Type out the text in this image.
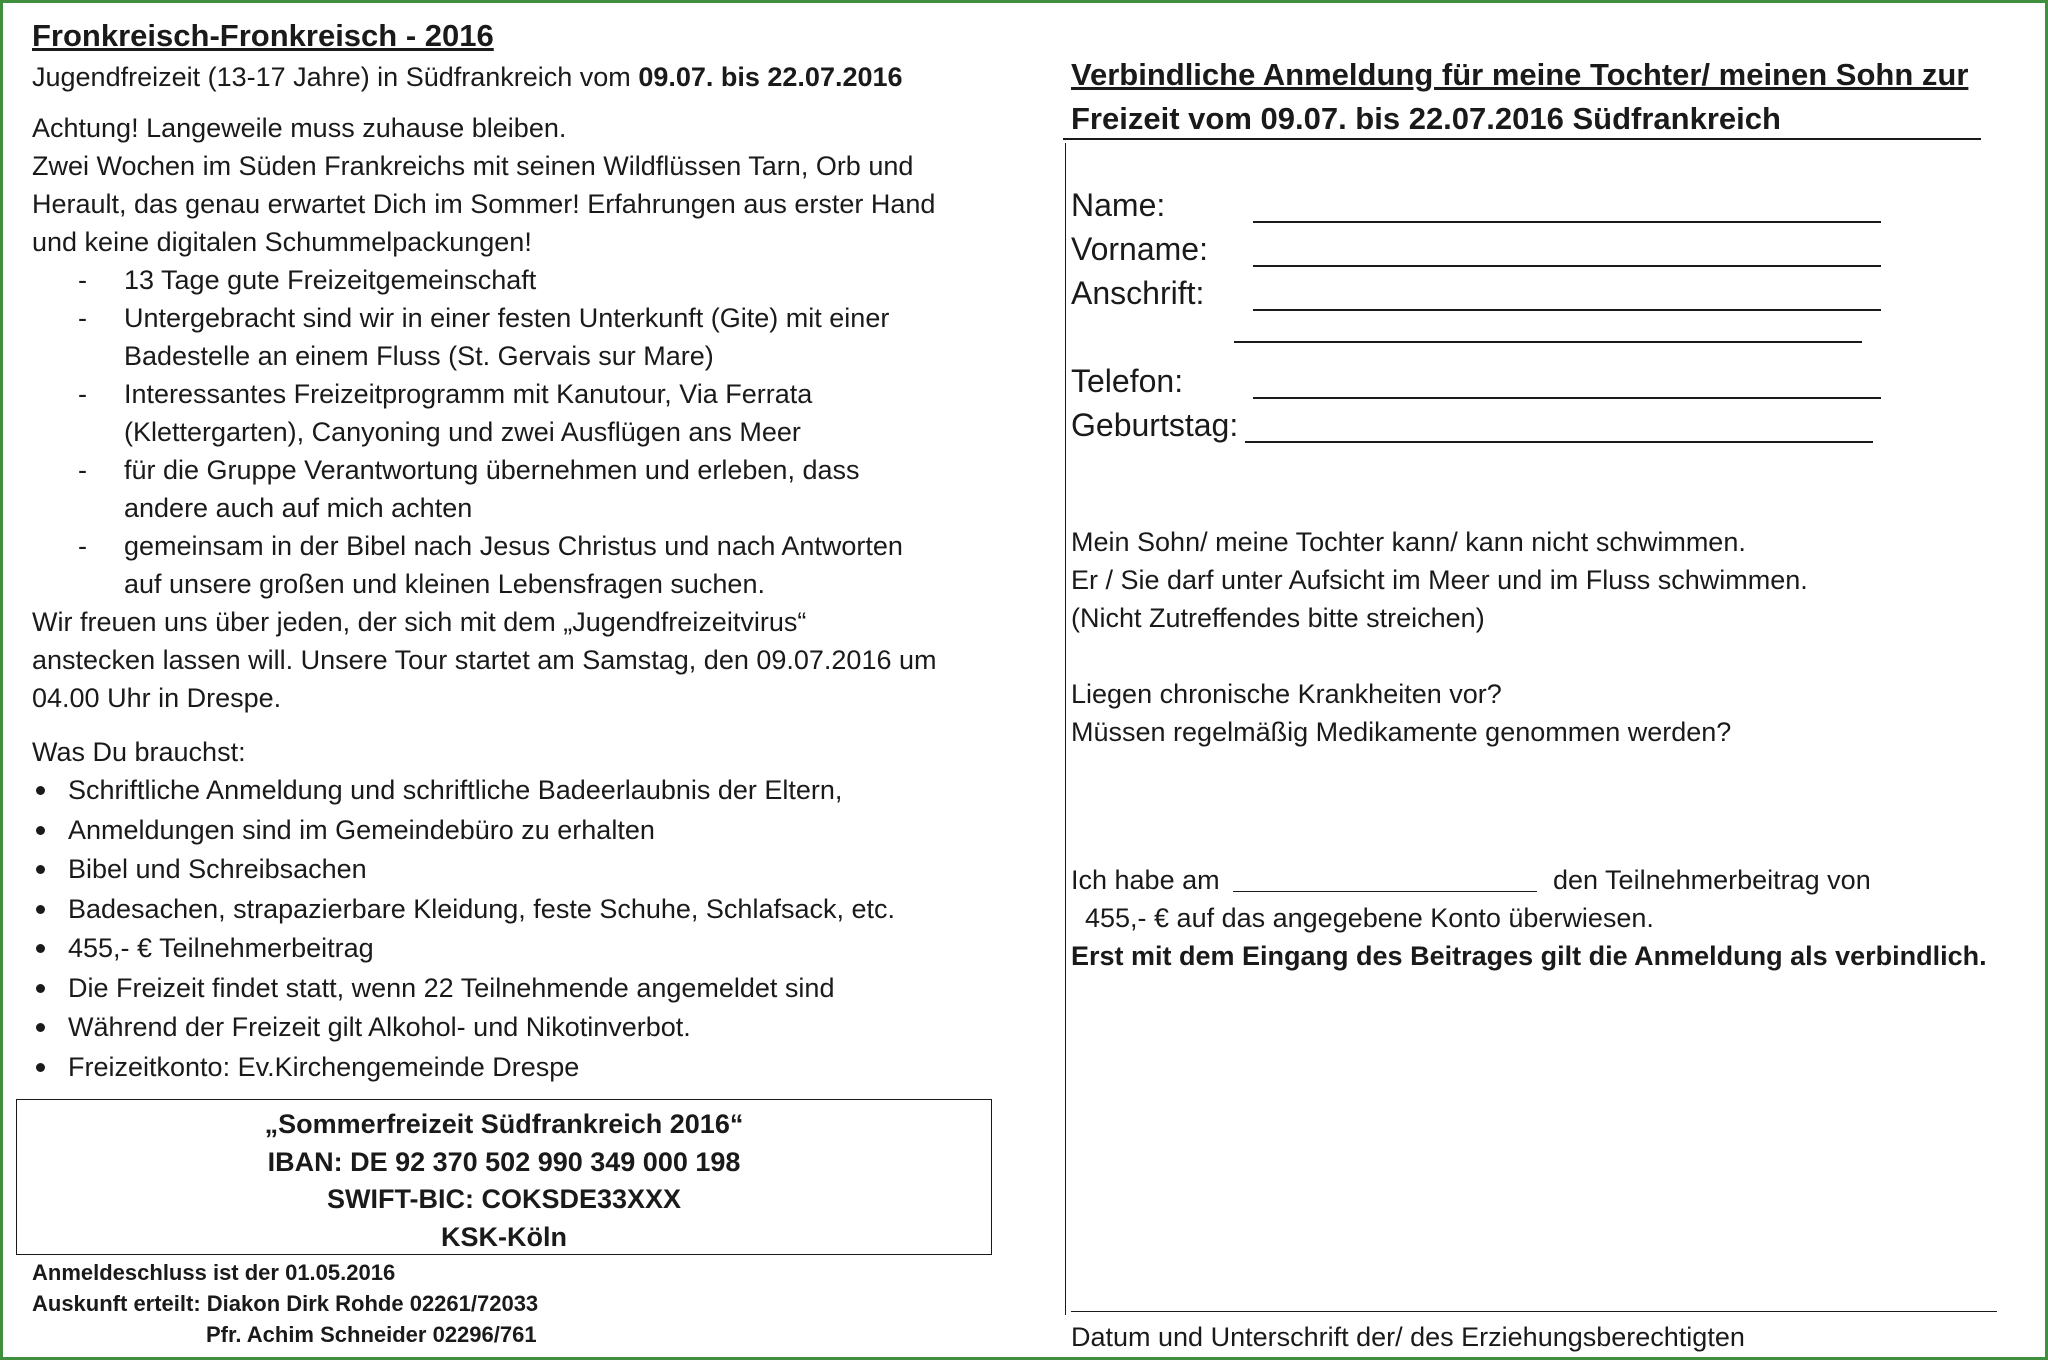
Fronkreisch-Fronkreisch - 2016
Jugendfreizeit (13-17 Jahre) in Südfrankreich vom 09.07. bis 22.07.2016
Achtung! Langeweile muss zuhause bleiben.
Zwei Wochen im Süden Frankreichs mit seinen Wildflüssen Tarn, Orb und
Herault, das genau erwartet Dich im Sommer! Erfahrungen aus erster Hand
und keine digitalen Schummelpackungen!
- 13 Tage gute Freizeitgemeinschaft
- Untergebracht sind wir in einer festen Unterkunft (Gite) mit einer
Badestelle an einem Fluss (St. Gervais sur Mare)
- Interessantes Freizeitprogramm mit Kanutour, Via Ferrata
(Klettergarten), Canyoning und zwei Ausflügen ans Meer
- für die Gruppe Verantwortung übernehmen und erleben, dass
andere auch auf mich achten
- gemeinsam in der Bibel nach Jesus Christus und nach Antworten
auf unsere großen und kleinen Lebensfragen suchen.
Wir freuen uns über jeden, der sich mit dem „Jugendfreizeitvirus“
anstecken lassen will. Unsere Tour startet am Samstag, den 09.07.2016 um
04.00 Uhr in Drespe.
Was Du brauchst:
Schriftliche Anmeldung und schriftliche Badeerlaubnis der Eltern,
Anmeldungen sind im Gemeindebüro zu erhalten
Bibel und Schreibsachen
Badesachen, strapazierbare Kleidung, feste Schuhe, Schlafsack, etc.
455,- € Teilnehmerbeitrag
Die Freizeit findet statt, wenn 22 Teilnehmende angemeldet sind
Während der Freizeit gilt Alkohol- und Nikotinverbot.
Freizeitkonto: Ev.Kirchengemeinde Drespe
„Sommerfreizeit Südfrankreich 2016“
IBAN: DE 92 370 502 990 349 000 198
SWIFT-BIC: COKSDE33XXX
KSK-Köln
Anmeldeschluss ist der 01.05.2016
Auskunft erteilt: Diakon Dirk Rohde 02261/72033
Pfr. Achim Schneider 02296/761
Verbindliche Anmeldung für meine Tochter/ meinen Sohn zur
Freizeit vom 09.07. bis 22.07.2016 Südfrankreich
Name:
Vorname:
Anschrift:
Telefon:
Geburtstag:
Mein Sohn/ meine Tochter kann/ kann nicht schwimmen.
Er / Sie darf unter Aufsicht im Meer und im Fluss schwimmen.
(Nicht Zutreffendes bitte streichen)
Liegen chronische Krankheiten vor?
Müssen regelmäßig Medikamente genommen werden?
Ich habe am	den Teilnehmerbeitrag von
455,- € auf das angegebene Konto überwiesen.
Erst mit dem Eingang des Beitrages gilt die Anmeldung als verbindlich.
Datum und Unterschrift der/ des Erziehungsberechtigten
